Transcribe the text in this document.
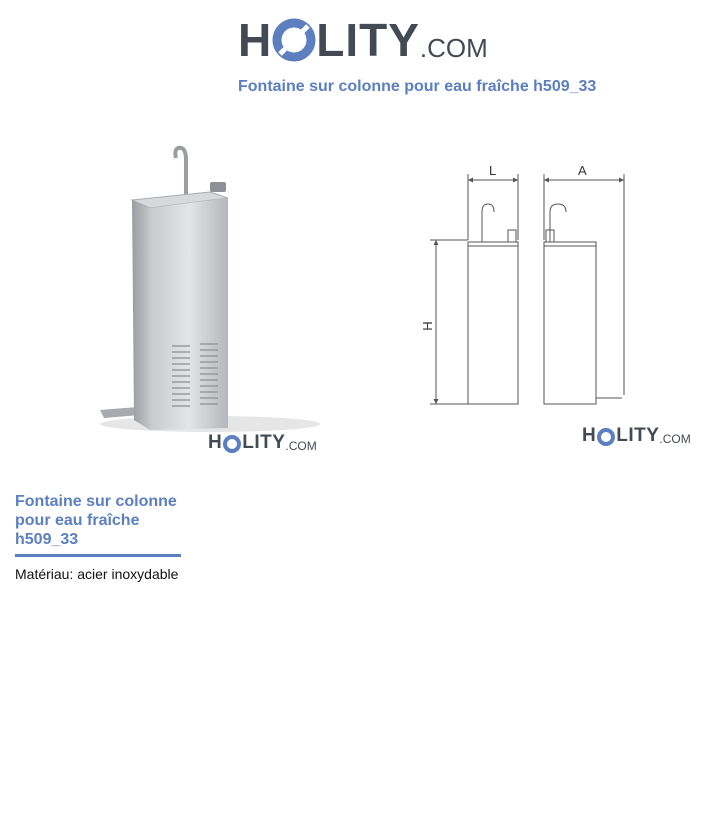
H LITY.COM
Fontaine sur colonne pour eau fraîche h509_33
H LITY.COM
L	A
H
H LITY.COM
Fontaine sur colonne pour eau fraîche h509_33
Matériau: acier inoxydable
